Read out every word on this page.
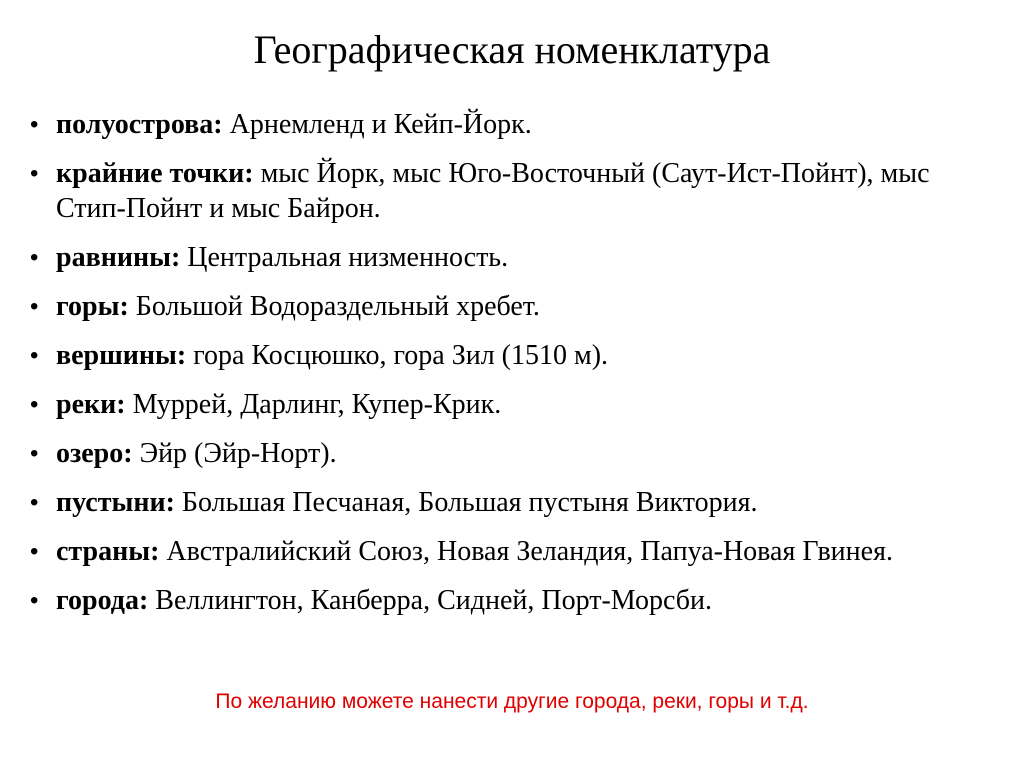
Географическая номенклатура
• полуострова: Арнемленд и Кейп-Йорк.
• крайние точки: мыс Йорк, мыс Юго-Восточный (Саут-Ист-Пойнт), мыс Стип-Пойнт и мыс Байрон.
• равнины: Центральная низменность.
• горы: Большой Водораздельный хребет.
• вершины: гора Косцюшко, гора Зил (1510 м).
• реки: Муррей, Дарлинг, Купер-Крик.
• озеро: Эйр (Эйр-Норт).
• пустыни: Большая Песчаная, Большая пустыня Виктория.
• страны: Австралийский Союз, Новая Зеландия, Папуа-Новая Гвинея.
• города: Веллингтон, Канберра, Сидней, Порт-Морсби.
По желанию можете нанести другие города, реки, горы и т.д.
